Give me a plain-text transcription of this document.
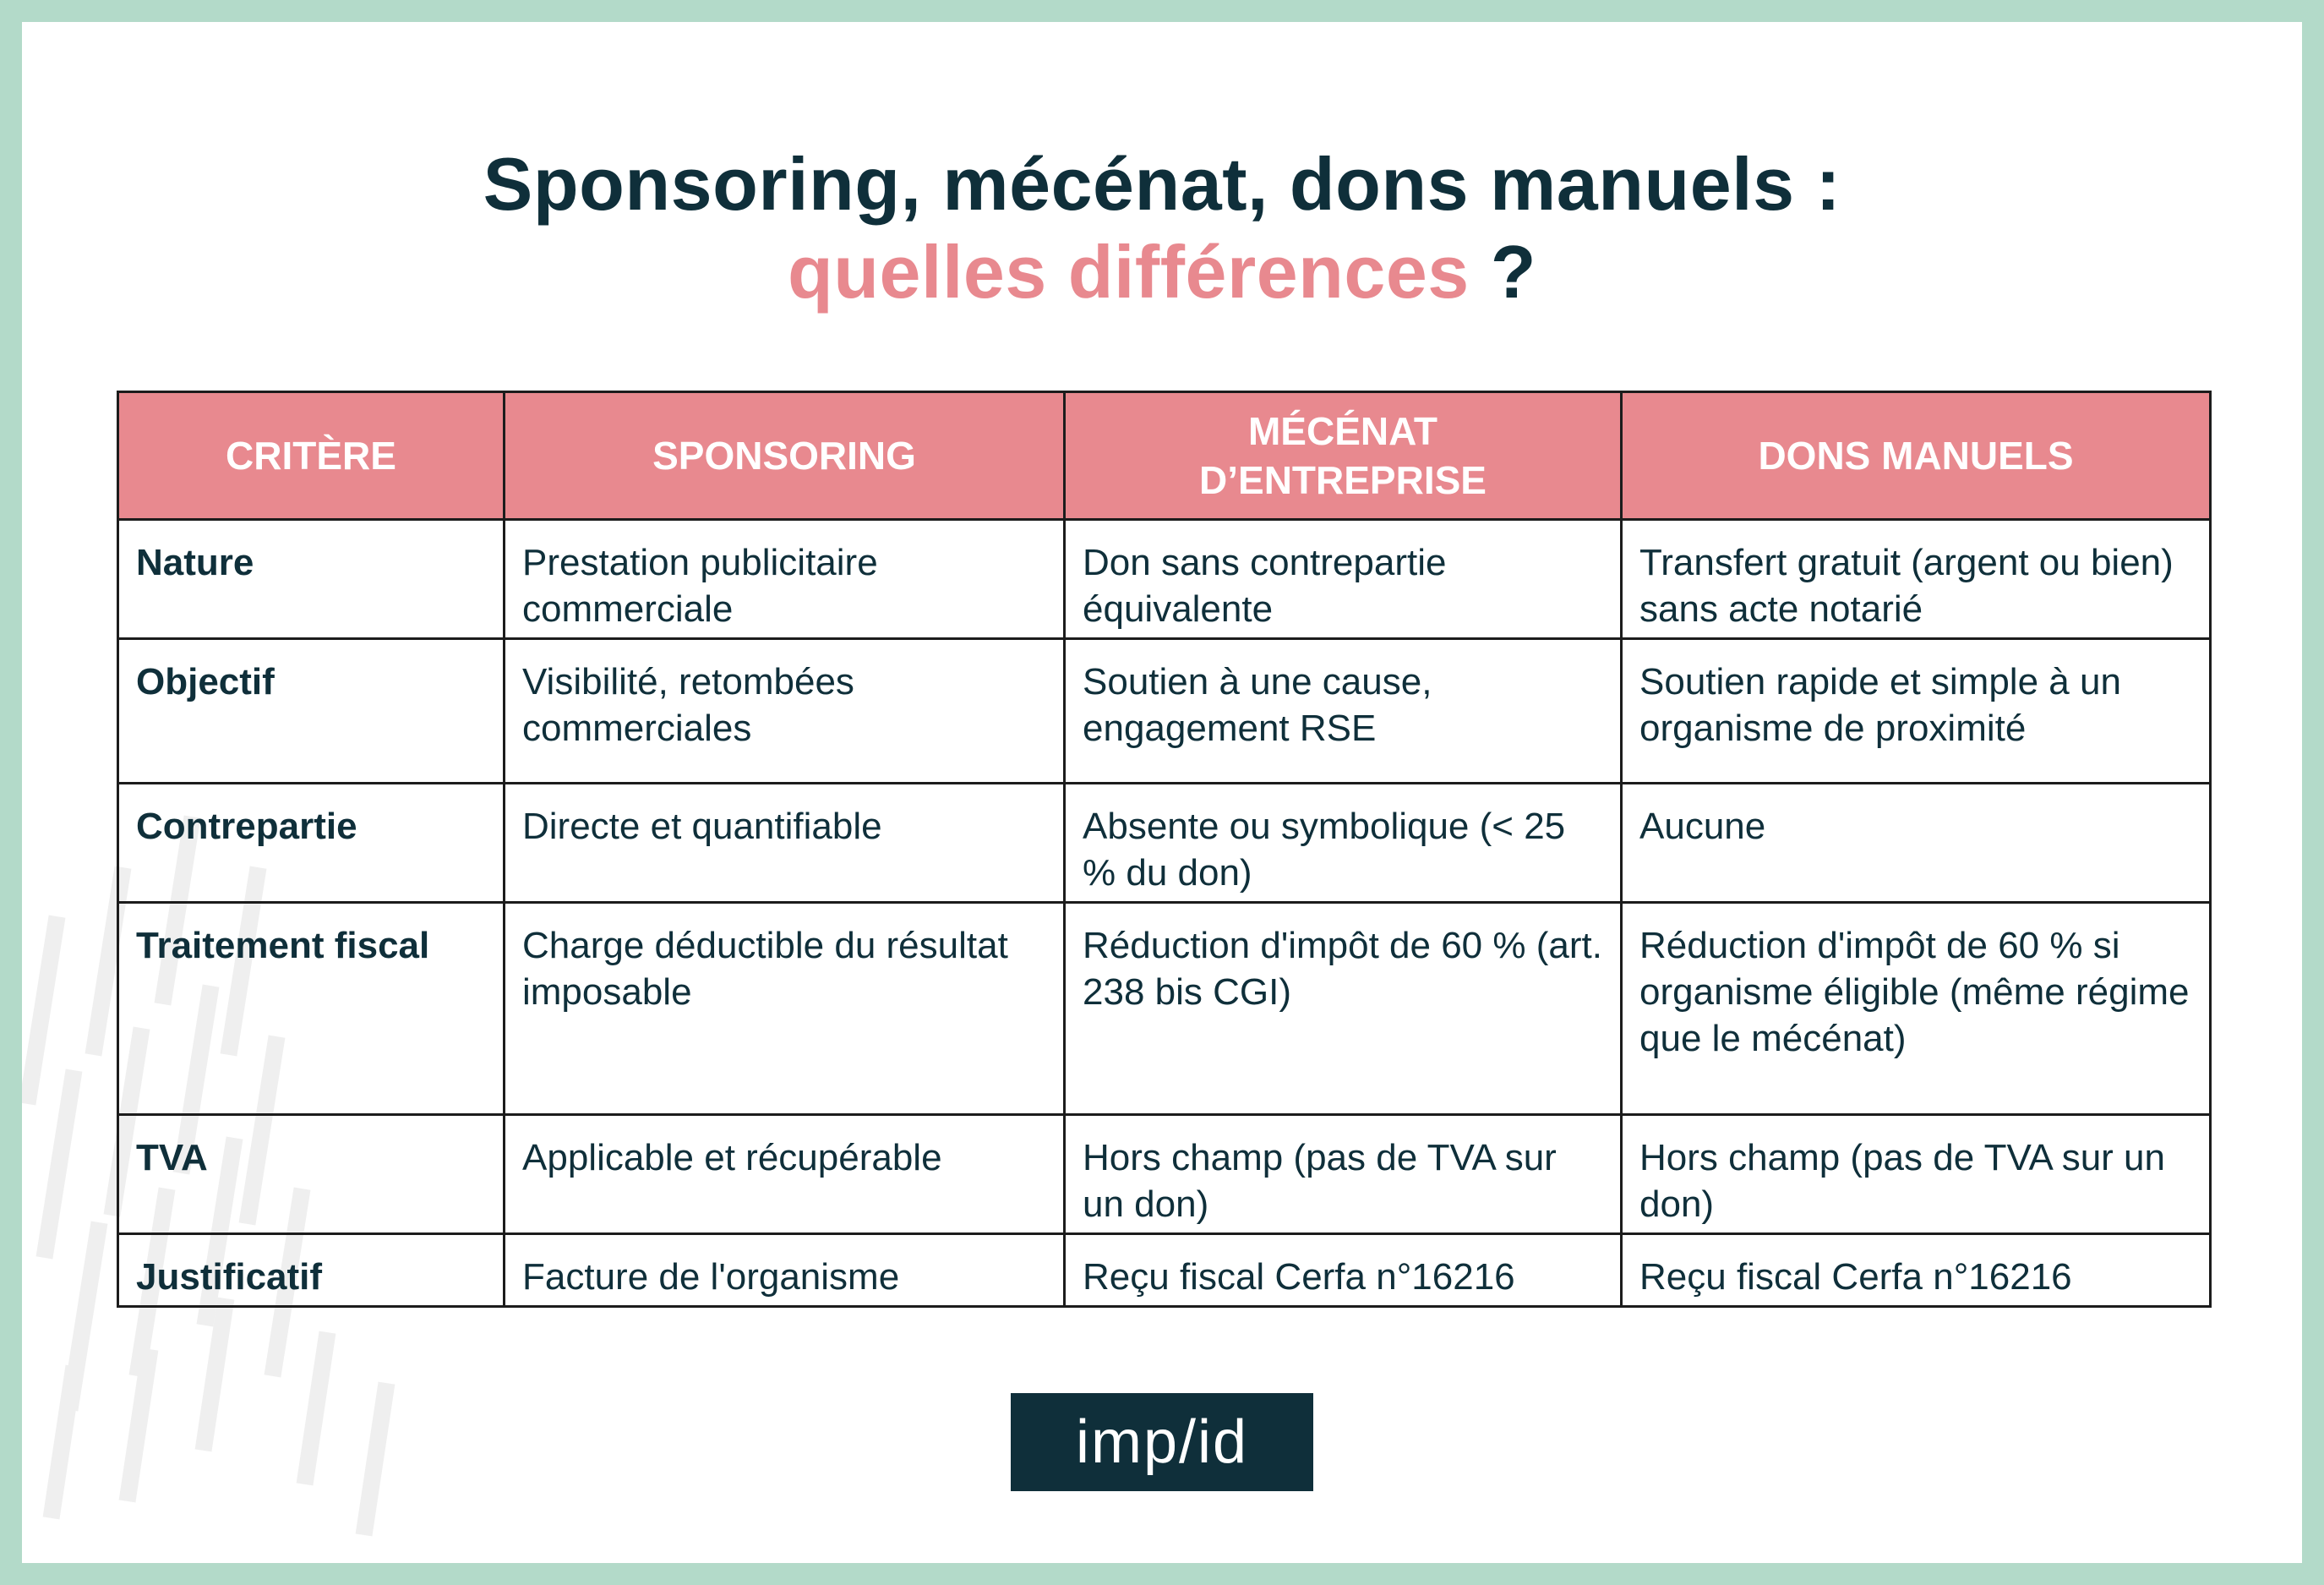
Sponsoring, mécénat, dons manuels :
quelles différences ?
CRITÈRE	SPONSORING	MÉCÉNAT D’ENTREPRISE	DONS MANUELS
Nature	Prestation publicitaire commerciale	Don sans contrepartie équivalente	Transfert gratuit (argent ou bien) sans acte notarié
Objectif	Visibilité, retombées commerciales	Soutien à une cause, engagement RSE	Soutien rapide et simple à un organisme de proximité
Contrepartie	Directe et quantifiable	Absente ou symbolique (< 25 % du don)	Aucune
Traitement fiscal	Charge déductible du résultat imposable	Réduction d'impôt de 60 % (art. 238 bis CGI)	Réduction d'impôt de 60 % si organisme éligible (même régime que le mécénat)
TVA	Applicable et récupérable	Hors champ (pas de TVA sur un don)	Hors champ (pas de TVA sur un don)
Justificatif	Facture de l'organisme	Reçu fiscal Cerfa n°16216	Reçu fiscal Cerfa n°16216
imp/id
